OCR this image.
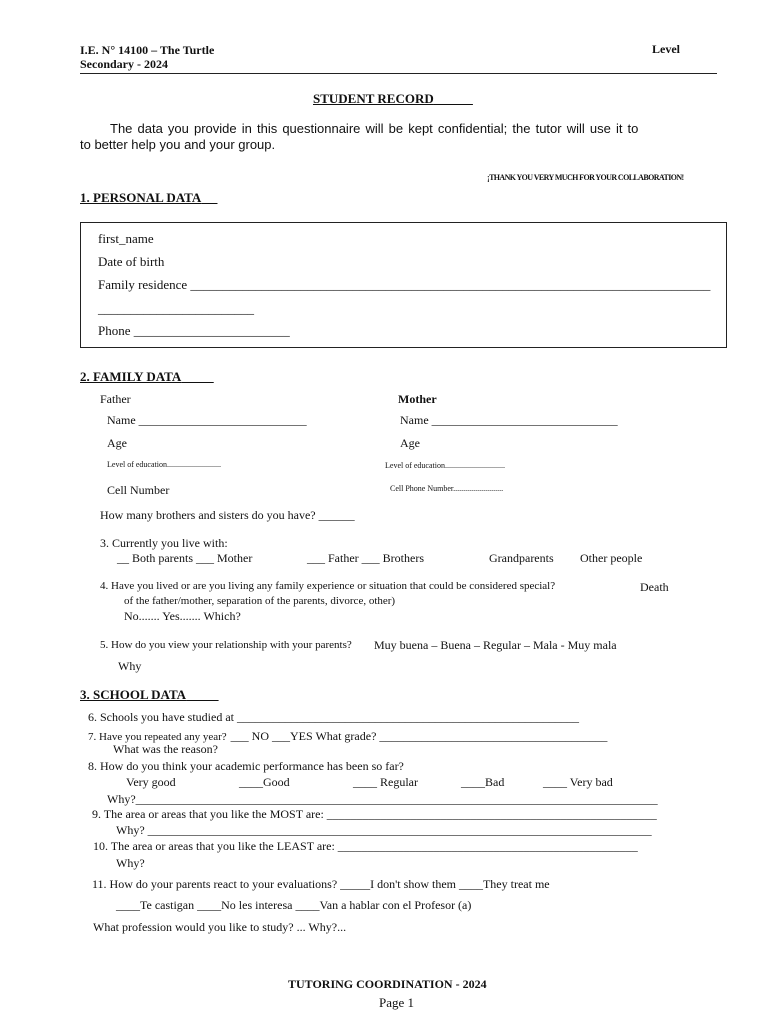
I.E. N° 14100 – The Turtle	Level
Secondary - 2024
STUDENT RECORD______
The data you provide in this questionnaire will be kept confidential; the tutor will use it to
to better help you and your group.
¡THANK YOU VERY MUCH FOR YOUR COLLABORATION!
1. PERSONAL DATA
first_name
Date of birth
Family residence ________________________________________________________________________________
________________________
Phone ________________________
2. FAMILY DATA
Father	Mother
Name ____________________________	Name _______________________________
Age	Age
Level of education...........................	Level of education..............................
Cell Number	Cell Phone Number.........................
How many brothers and sisters do you have? ______
3. Currently you live with:
__ Both parents ___ Mother	___ Father ___ Brothers	Grandparents Other people
4. Have you lived or are you living any family experience or situation that could be considered special?	Death
of the father/mother, separation of the parents, divorce, other)
No....... Yes....... Which?
5. How do you view your relationship with your parents? Muy buena – Buena – Regular – Mala - Muy mala
Why
3. SCHOOL DATA
6. Schools you have studied at _________________________________________________________
7. Have you repeated any year? ___ NO ___YES What grade? ______________________________________
What was the reason?
8. How do you think your academic performance has been so far?
Very good	____Good	____ Regular	____Bad	____ Very bad
Why?_______________________________________________________________________________________
9. The area or areas that you like the MOST are: _______________________________________________________
Why? ____________________________________________________________________________________
10. The area or areas that you like the LEAST are: __________________________________________________
Why?
11. How do your parents react to your evaluations? _____I don't show them ____They treat me
____Te castigan ____No les interesa ____Van a hablar con el Profesor (a)
What profession would you like to study? ... Why?...
TUTORING COORDINATION - 2024
Page 1
